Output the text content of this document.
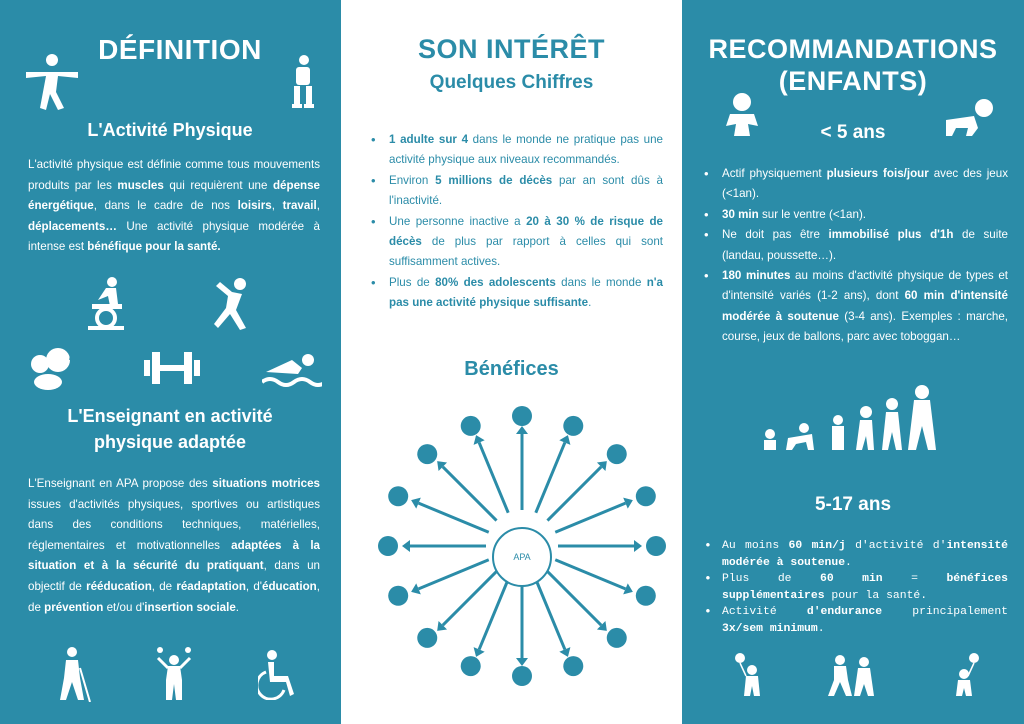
DÉFINITION
L'Activité Physique
L'activité physique est définie comme tous mouvements produits par les muscles qui requièrent une dépense énergétique, dans le cadre de nos loisirs, travail, déplacements… Une activité physique modérée à intense est bénéfique pour la santé.
L'Enseignant en activité
physique adaptée
L'Enseignant en APA propose des situations motrices issues d'activités physiques, sportives ou artistiques dans des conditions techniques, matérielles, réglementaires et motivationnelles adaptées à la situation et à la sécurité du pratiquant, dans un objectif de rééducation, de réadaptation, d'éducation, de prévention et/ou d'insertion sociale.
SON INTÉRÊT
Quelques Chiffres
• 1 adulte sur 4 dans le monde ne pratique pas une activité physique aux niveaux recommandés.
• Environ 5 millions de décès par an sont dûs à l'inactivité.
• Une personne inactive a 20 à 30 % de risque de décès de plus par rapport à celles qui sont suffisamment actives.
• Plus de 80% des adolescents dans le monde n'a pas une activité physique suffisante.
Bénéfices
APA
RECOMMANDATIONS
(ENFANTS)
< 5 ans
• Actif physiquement plusieurs fois/jour avec des jeux (<1an).
• 30 min sur le ventre (<1an).
• Ne doit pas être immobilisé plus d'1h de suite (landau, poussette…).
• 180 minutes au moins d'activité physique de types et d'intensité variés (1-2 ans), dont 60 min d'intensité modérée à soutenue (3-4 ans). Exemples : marche, course, jeux de ballons, parc avec toboggan…
5-17 ans
• Au moins 60 min/j d'activité d'intensité modérée à soutenue.
• Plus de 60 min = bénéfices supplémentaires pour la santé.
• Activité d'endurance principalement 3x/sem minimum.
